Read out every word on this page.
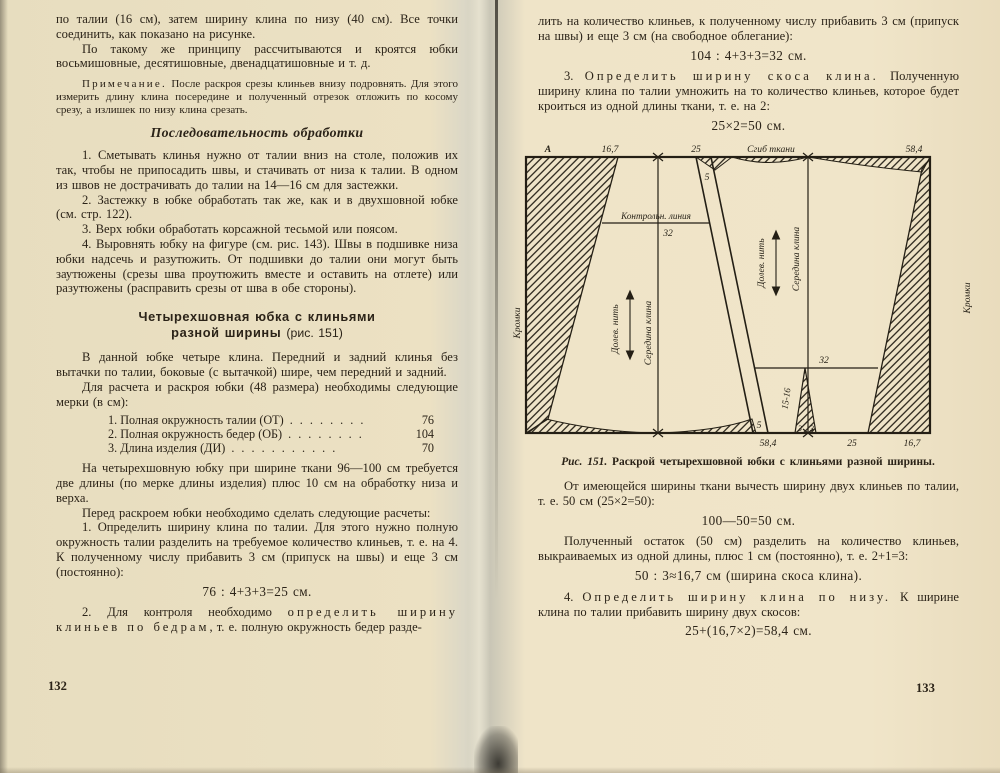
по талии (16 см), затем ширину клина по низу (40 см). Все точки соединить, как показано на рисунке.

По такому же принципу рассчитываются и кроятся юбки восьмишовные, десятишовные, двенадцатишовные и т. д.

Примечание. После раскроя срезы клиньев внизу подровнять. Для этого измерить длину клина посередине и полученный отрезок отложить по косому срезу, а излишек по низу клина срезать.

Последовательность обработки

1. Сметывать клинья нужно от талии вниз на столе, положив их так, чтобы не припосадить швы, и стачивать от низа к талии. В одном из швов не дострачивать до талии на 14—16 см для застежки.

2. Застежку в юбке обработать так же, как и в двухшовной юбке (см. стр. 122).

3. Верх юбки обработать корсажной тесьмой или поясом.

4. Выровнять юбку на фигуре (см. рис. 143). Швы в подшивке низа юбки надсечь и разутюжить. От подшивки до талии они могут быть заутюжены (срезы шва проутюжить вместе и оставить на отлете) или разутюжены (расправить срезы от шва в обе стороны).

Четырехшовная юбка с клиньями
разной ширины (рис. 151)

В данной юбке четыре клина. Передний и задний клинья без вытачки по талии, боковые (с вытачкой) шире, чем передний и задний.

Для расчета и раскроя юбки (48 размера) необходимы следующие мерки (в см):

1. Полная окружность талии (ОТ) . . . . . . . .	76
2. Полная окружность бедер (ОБ) . . . . . . . .	104
3. Длина изделия (ДИ) . . . . . . . . . . .	70

На четырехшовную юбку при ширине ткани 96—100 см требуется две длины (по мерке длины изделия) плюс 10 см на обработку низа и верха.

Перед раскроем юбки необходимо сделать следующие расчеты:

1. Определить ширину клина по талии. Для этого нужно полную окружность талии разделить на требуемое количество клиньев, т. е. на 4. К полученному числу прибавить 3 см (припуск на швы) и еще 3 см (постоянно):

76 : 4+3+3=25 см.

2. Для контроля необходимо определить ширину клиньев по бедрам, т. е. полную окружность бедер разде-

132

лить на количество клиньев, к полученному числу прибавить 3 см (припуск на швы) и еще 3 см (на свободное облегание):

104 : 4+3+3=32 см.

3. Определить ширину скоса клина. Полученную ширину клина по талии умножить на то количество клиньев, которое будет кроиться из одной длины ткани, т. е. на 2:

25×2=50 см.

А	16,7	25	Сгиб ткани	58,4
Контрольн. линия
32
32
Долев. нить Середина клина
Долев. нить	Середина клина
Кромки
Кромки
15-16
5
5	3 3
58,4	25	16,7

Рис. 151. Раскрой четырехшовной юбки с клиньями разной ширины.

От имеющейся ширины ткани вычесть ширину двух клиньев по талии, т. е. 50 см (25×2=50):

100—50=50 см.

Полученный остаток (50 см) разделить на количество клиньев, выкраиваемых из одной длины, плюс 1 см (постоянно), т. е. 2+1=3:

50 : 3≈16,7 см (ширина скоса клина).

4. Определить ширину клина по низу. К ширине клина по талии прибавить ширину двух скосов:

25+(16,7×2)=58,4 см.

133
